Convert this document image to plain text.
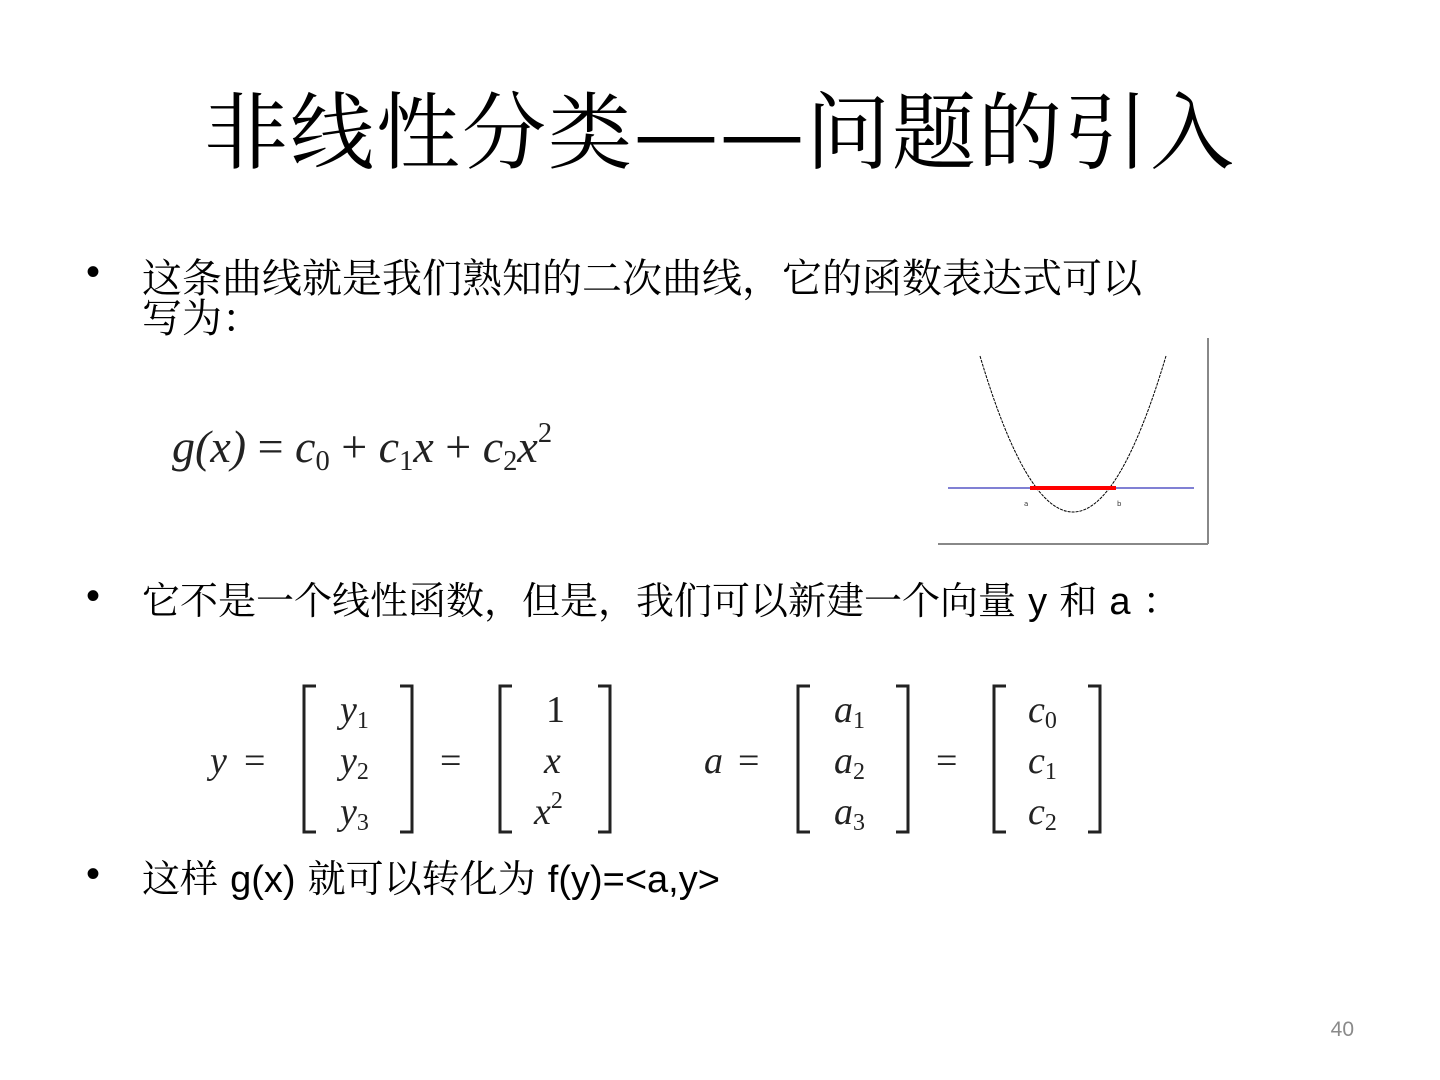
非线性分类——问题的引入
• 这条曲线就是我们熟知的二次曲线，它的函数表达式可以
写为：
$g(x) = c_0 + c_1x + c_2x^2$
a	b
• 它不是一个线性函数，但是，我们可以新建一个向量 y 和 a ：
y =
y1
y2
y3
=
1
x
$x^2$
a =
a1
a2
a3
=
c0
c1
c2
• 这样 g(x) 就可以转化为 f(y)=<a,y>
40
